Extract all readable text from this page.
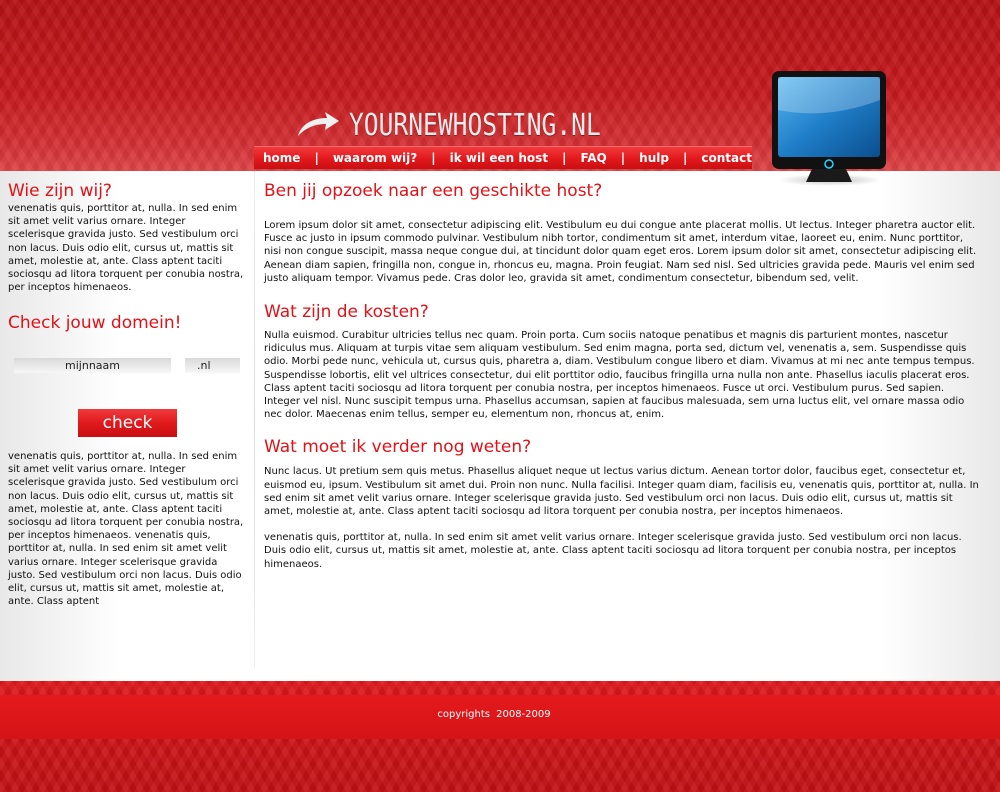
YOURNEWHOSTING.NL
home | waarom wij? | ik wil een host | FAQ | hulp | contact
Wie zijn wij?

venenatis quis, porttitor at, nulla. In sed enim sit amet velit varius ornare. Integer scelerisque gravida justo. Sed vestibulum orci non lacus. Duis odio elit, cursus ut, mattis sit amet, molestie at, ante. Class aptent taciti sociosqu ad litora torquent per conubia nostra, per inceptos himenaeos.

Check jouw domein!
mijnnaam
.nl
check

venenatis quis, porttitor at, nulla. In sed enim sit amet velit varius ornare. Integer scelerisque gravida justo. Sed vestibulum orci non lacus. Duis odio elit, cursus ut, mattis sit amet, molestie at, ante. Class aptent taciti sociosqu ad litora torquent per conubia nostra, per inceptos himenaeos. venenatis quis, porttitor at, nulla. In sed enim sit amet velit varius ornare. Integer scelerisque gravida justo. Sed vestibulum orci non lacus. Duis odio elit, cursus ut, mattis sit amet, molestie at, ante. Class aptent

Ben jij opzoek naar een geschikte host?

Lorem ipsum dolor sit amet, consectetur adipiscing elit. Vestibulum eu dui congue ante placerat mollis. Ut lectus. Integer pharetra auctor elit. Fusce ac justo in ipsum commodo pulvinar. Vestibulum nibh tortor, condimentum sit amet, interdum vitae, laoreet eu, enim. Nunc porttitor, nisi non congue suscipit, massa neque congue dui, at tincidunt dolor quam eget eros. Lorem ipsum dolor sit amet, consectetur adipiscing elit. Aenean diam sapien, fringilla non, congue in, rhoncus eu, magna. Proin feugiat. Nam sed nisl. Sed ultricies gravida pede. Mauris vel enim sed justo aliquam tempor. Vivamus pede. Cras dolor leo, gravida sit amet, condimentum consectetur, bibendum sed, velit.

Wat zijn de kosten?

Nulla euismod. Curabitur ultricies tellus nec quam. Proin porta. Cum sociis natoque penatibus et magnis dis parturient montes, nascetur ridiculus mus. Aliquam at turpis vitae sem aliquam vestibulum. Sed enim magna, porta sed, dictum vel, venenatis a, sem. Suspendisse quis odio. Morbi pede nunc, vehicula ut, cursus quis, pharetra a, diam. Vestibulum congue libero et diam. Vivamus at mi nec ante tempus tempus. Suspendisse lobortis, elit vel ultrices consectetur, dui elit porttitor odio, faucibus fringilla urna nulla non ante. Phasellus iaculis placerat eros. Class aptent taciti sociosqu ad litora torquent per conubia nostra, per inceptos himenaeos. Fusce ut orci. Vestibulum purus. Sed sapien. Integer vel nisl. Nunc suscipit tempus urna. Phasellus accumsan, sapien at faucibus malesuada, sem urna luctus elit, vel ornare massa odio nec dolor. Maecenas enim tellus, semper eu, elementum non, rhoncus at, enim.

Wat moet ik verder nog weten?

Nunc lacus. Ut pretium sem quis metus. Phasellus aliquet neque ut lectus varius dictum. Aenean tortor dolor, faucibus eget, consectetur et, euismod eu, ipsum. Vestibulum sit amet dui. Proin non nunc. Nulla facilisi. Integer quam diam, facilisis eu, venenatis quis, porttitor at, nulla. In sed enim sit amet velit varius ornare. Integer scelerisque gravida justo. Sed vestibulum orci non lacus. Duis odio elit, cursus ut, mattis sit amet, molestie at, ante. Class aptent taciti sociosqu ad litora torquent per conubia nostra, per inceptos himenaeos.

venenatis quis, porttitor at, nulla. In sed enim sit amet velit varius ornare. Integer scelerisque gravida justo. Sed vestibulum orci non lacus. Duis odio elit, cursus ut, mattis sit amet, molestie at, ante. Class aptent taciti sociosqu ad litora torquent per conubia nostra, per inceptos himenaeos.

copyrights 2008-2009
